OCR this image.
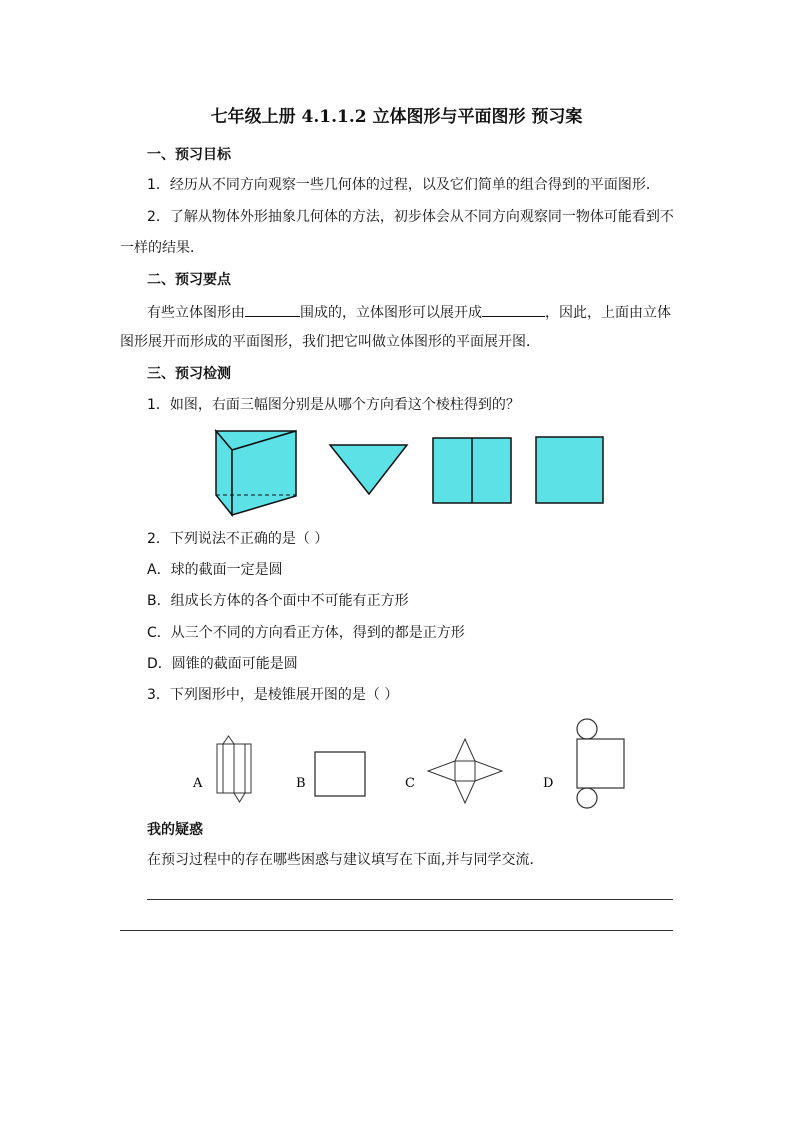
七年级上册 4.1.1.2 立体图形与平面图形 预习案
一、预习目标
1．经历从不同方向观察一些几何体的过程，以及它们简单的组合得到的平面图形．
2．了解从物体外形抽象几何体的方法，初步体会从不同方向观察同一物体可能看到不
一样的结果．
二、预习要点
有些立体图形由	围成的，立体图形可以展开成	，因此，上面由立体
图形展开而形成的平面图形，我们把它叫做立体图形的平面展开图．
三、预习检测
1．如图，右面三幅图分别是从哪个方向看这个棱柱得到的？
2．下列说法不正确的是（ ）
A．球的截面一定是圆
B．组成长方体的各个面中不可能有正方形
C．从三个不同的方向看正方体，得到的都是正方形
D．圆锥的截面可能是圆
3．下列图形中，是棱锥展开图的是（ ）
我的疑惑
在预习过程中的存在哪些困惑与建议填写在下面,并与同学交流．
A	B	C	D
